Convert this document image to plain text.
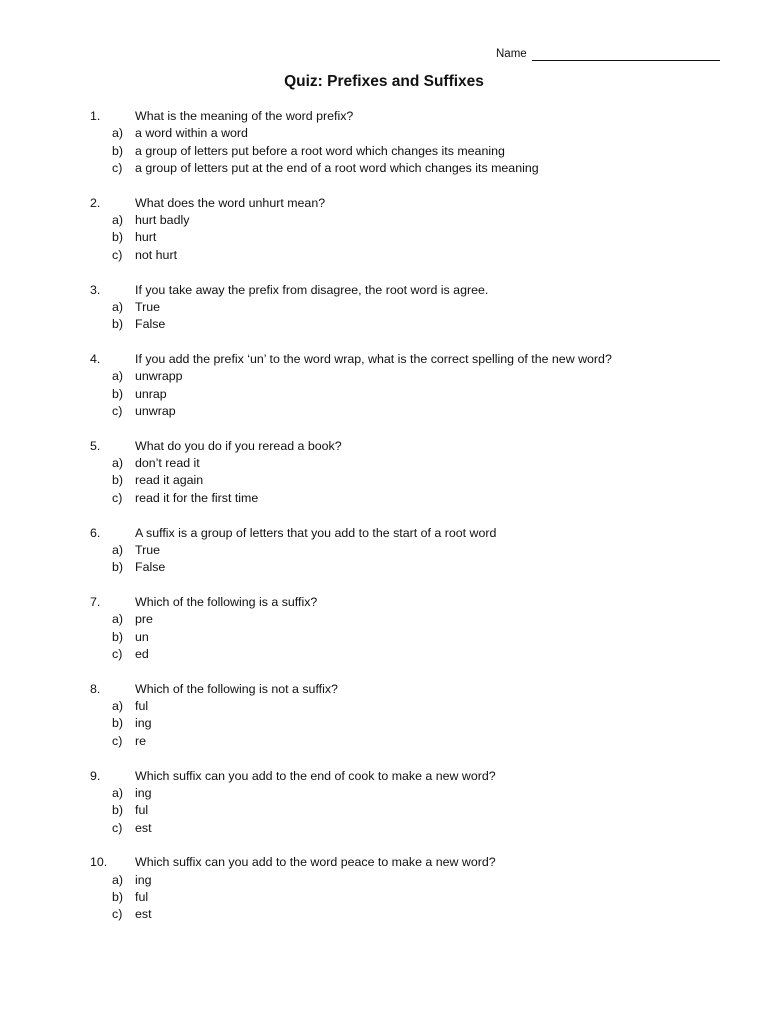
Name
Quiz: Prefixes and Suffixes
1.	What is the meaning of the word prefix?
a) a word within a word
b) a group of letters put before a root word which changes its meaning
c) a group of letters put at the end of a root word which changes its meaning
2.	What does the word unhurt mean?
a) hurt badly
b) hurt
c) not hurt
3.	If you take away the prefix from disagree, the root word is agree.
a) True
b) False
4.	If you add the prefix ‘un’ to the word wrap, what is the correct spelling of the new word?
a) unwrapp
b) unrap
c) unwrap
5.	What do you do if you reread a book?
a) don’t read it
b) read it again
c) read it for the first time
6.	A suffix is a group of letters that you add to the start of a root word
a) True
b) False
7.	Which of the following is a suffix?
a) pre
b) un
c) ed
8.	Which of the following is not a suffix?
a) ful
b) ing
c) re
9.	Which suffix can you add to the end of cook to make a new word?
a) ing
b) ful
c) est
10. Which suffix can you add to the word peace to make a new word?
a) ing
b) ful
c) est
